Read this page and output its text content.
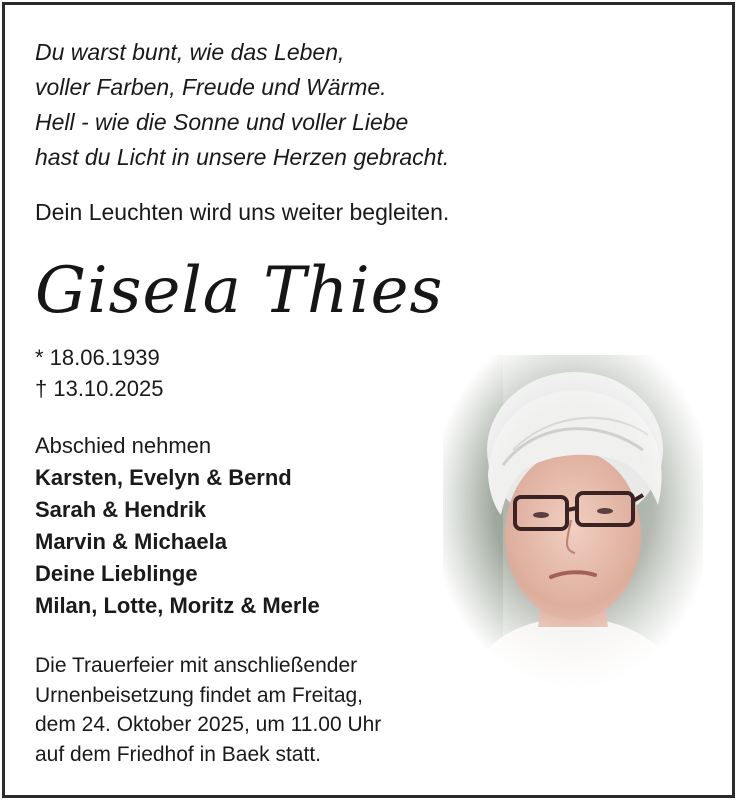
Du warst bunt, wie das Leben,
voller Farben, Freude und Wärme.
Hell - wie die Sonne und voller Liebe
hast du Licht in unsere Herzen gebracht.
Dein Leuchten wird uns weiter begleiten.
Gisela Thies
* 18.06.1939
† 13.10.2025
Abschied nehmen
Karsten, Evelyn & Bernd
Sarah & Hendrik
Marvin & Michaela
Deine Lieblinge
Milan, Lotte, Moritz & Merle
Die Trauerfeier mit anschließender
Urnenbeisetzung findet am Freitag,
dem 24. Oktober 2025, um 11.00 Uhr
auf dem Friedhof in Baek statt.
